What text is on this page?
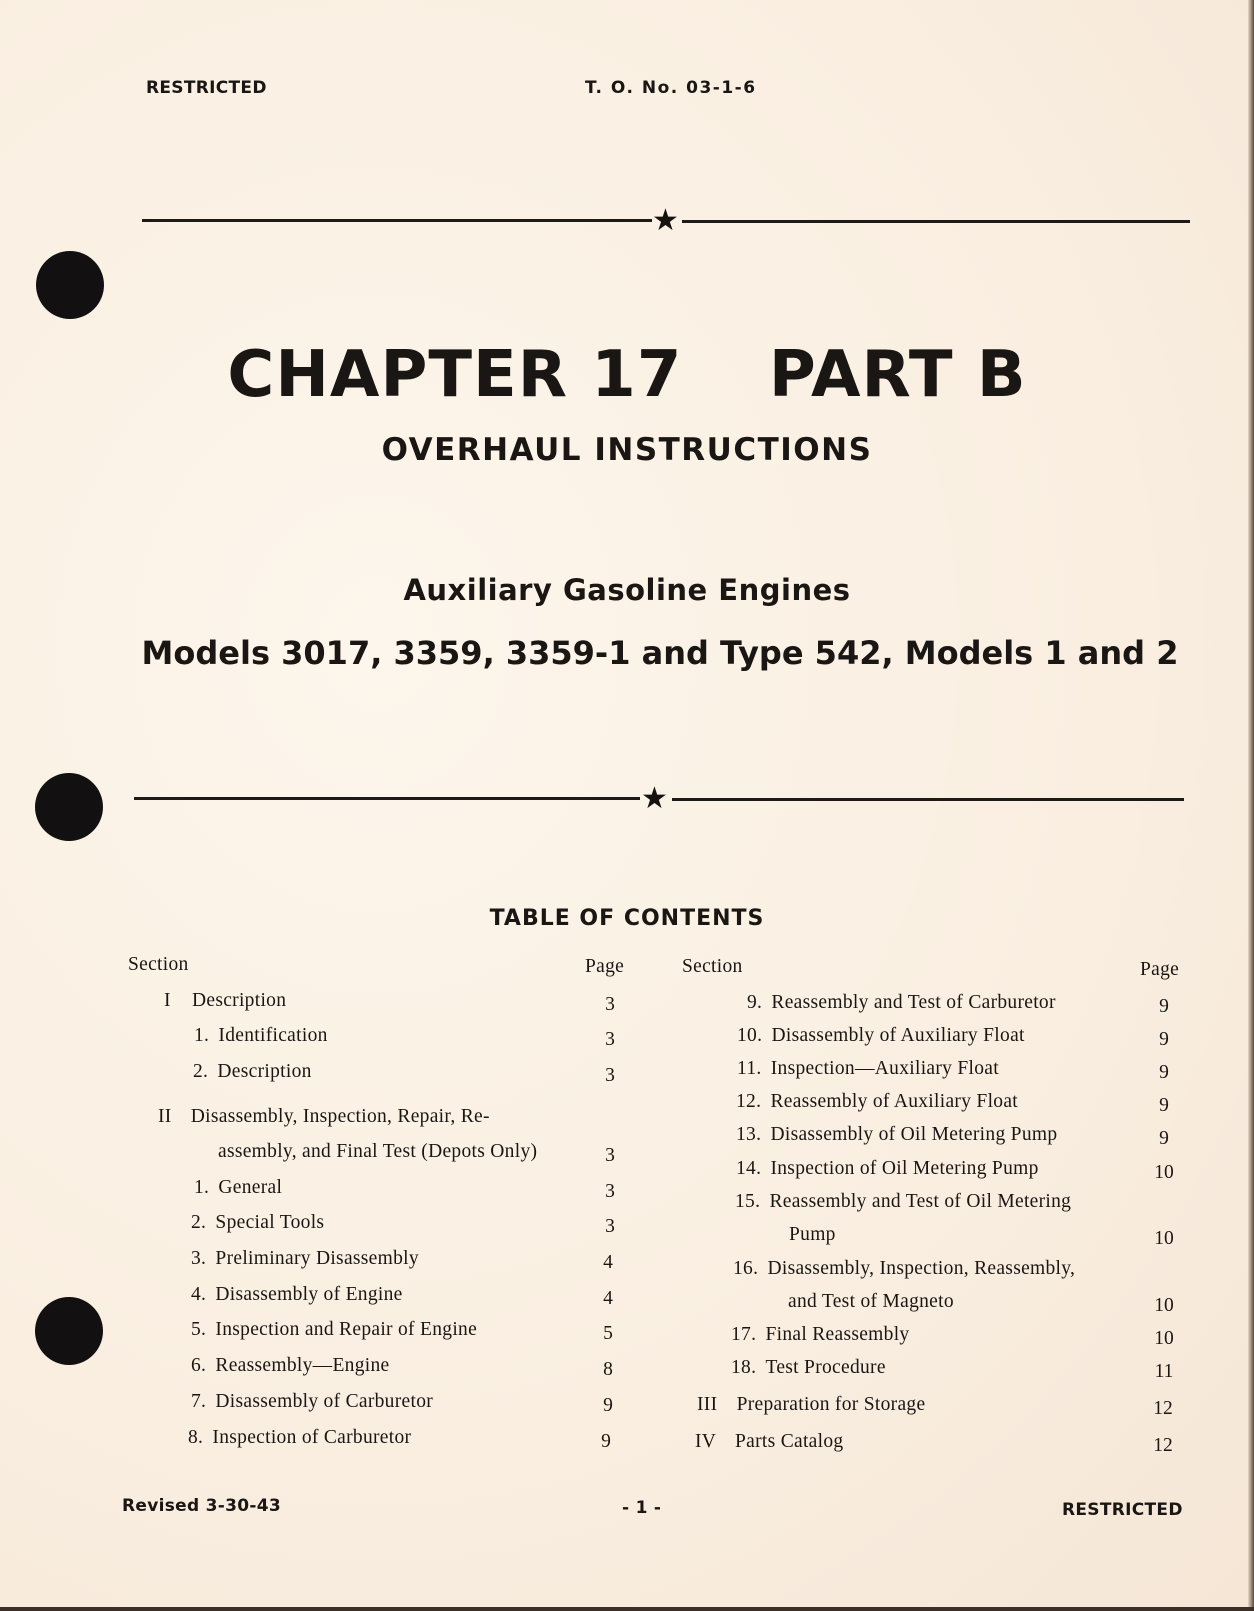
RESTRICTED	T. O. No. 03-1-6
★
CHAPTER 17 PART B
OVERHAUL INSTRUCTIONS
Auxiliary Gasoline Engines
Models 3017, 3359, 3359-1 and Type 542, Models 1 and 2
★
TABLE OF CONTENTS
Section	Page
I Description	3
1. Identification	3
2. Description	3
II Disassembly, Inspection, Repair, Re-
assembly, and Final Test (Depots Only)	3
1. General	3
2. Special Tools	3
3. Preliminary Disassembly	4
4. Disassembly of Engine	4
5. Inspection and Repair of Engine	5
6. Reassembly—Engine	8
7. Disassembly of Carburetor	9
8. Inspection of Carburetor	9
Section	Page
9. Reassembly and Test of Carburetor	9
10. Disassembly of Auxiliary Float	9
11. Inspection—Auxiliary Float	9
12. Reassembly of Auxiliary Float	9
13. Disassembly of Oil Metering Pump	9
14. Inspection of Oil Metering Pump	10
15. Reassembly and Test of Oil Metering
Pump	10
16. Disassembly, Inspection, Reassembly,
and Test of Magneto	10
17. Final Reassembly	10
18. Test Procedure	11
III Preparation for Storage	12
IV Parts Catalog	12
Revised 3-30-43	- 1 -	RESTRICTED
